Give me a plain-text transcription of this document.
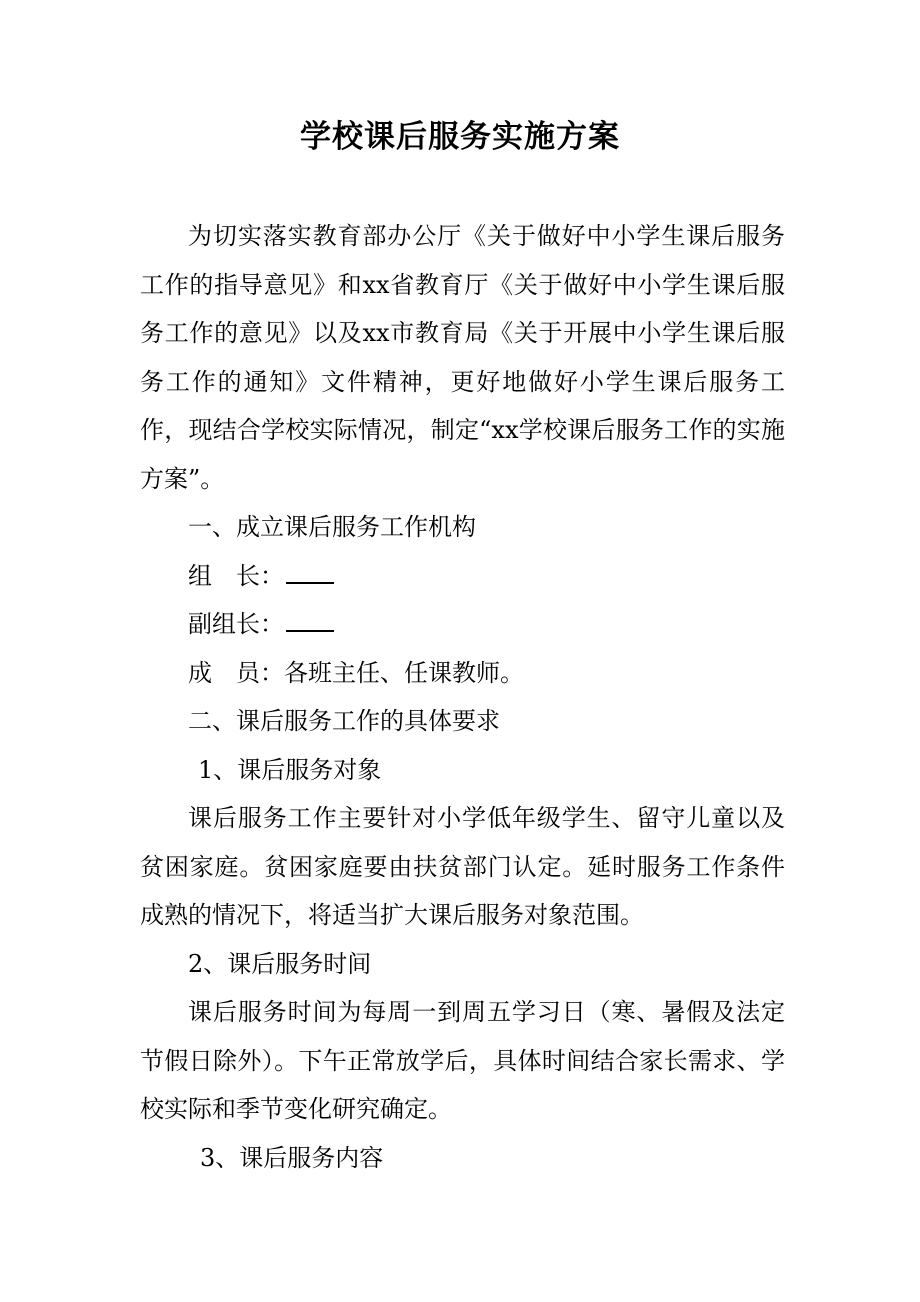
学校课后服务实施方案

为切实落实教育部办公厅《关于做好中小学生课后服务工作的指导意见》和xx省教育厅《关于做好中小学生课后服务工作的意见》以及xx市教育局《关于开展中小学生课后服务工作的通知》文件精神，更好地做好小学生课后服务工作，现结合学校实际情况，制定“xx学校课后服务工作的实施方案”。

一、成立课后服务工作机构

组　长：

副组长：

成　员：各班主任、任课教师。

二、课后服务工作的具体要求

1、课后服务对象

课后服务工作主要针对小学低年级学生、留守儿童以及贫困家庭。贫困家庭要由扶贫部门认定。延时服务工作条件成熟的情况下，将适当扩大课后服务对象范围。

2、课后服务时间

课后服务时间为每周一到周五学习日（寒、暑假及法定节假日除外）。下午正常放学后，具体时间结合家长需求、学校实际和季节变化研究确定。

3、课后服务内容
